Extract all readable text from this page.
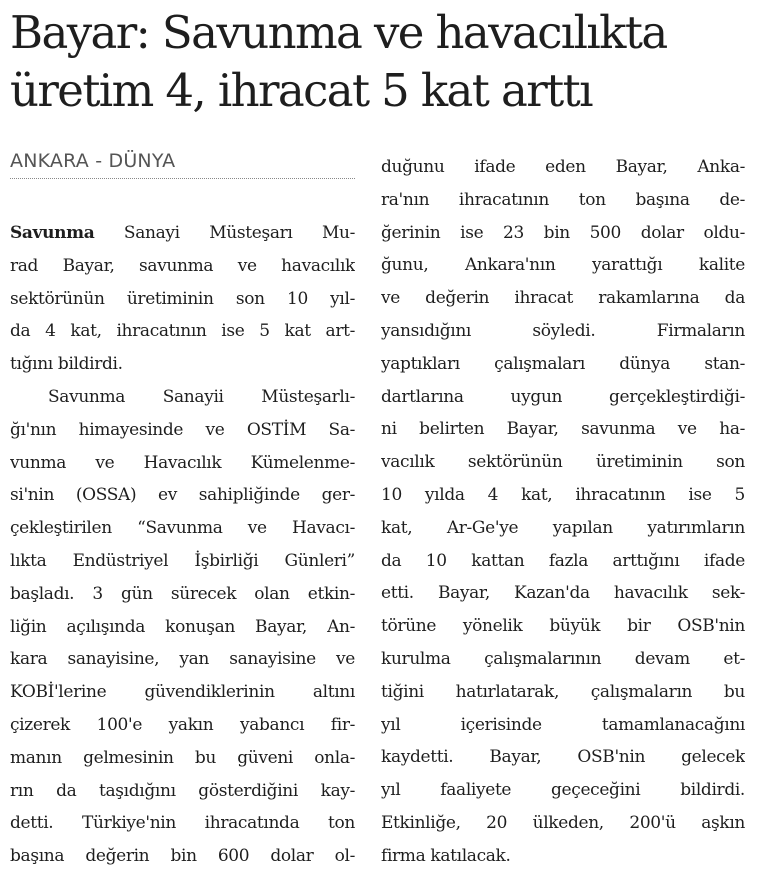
Bayar: Savunma ve havacılıkta
üretim 4, ihracat 5 kat arttı
ANKARA - DÜNYA
Savunma Sanayi Müsteşarı Mu-
rad Bayar, savunma ve havacılık
sektörünün üretiminin son 10 yıl-
da 4 kat, ihracatının ise 5 kat art-
tığını bildirdi.
Savunma Sanayii Müsteşarlı-
ğı'nın himayesinde ve OSTİM Sa-
vunma ve Havacılık Kümelenme-
si'nin (OSSA) ev sahipliğinde ger-
çekleştirilen “Savunma ve Havacı-
lıkta Endüstriyel İşbirliği Günleri”
başladı. 3 gün sürecek olan etkin-
liğin açılışında konuşan Bayar, An-
kara sanayisine, yan sanayisine ve
KOBİ'lerine güvendiklerinin altını
çizerek 100'e yakın yabancı fir-
manın gelmesinin bu güveni onla-
rın da taşıdığını gösterdiğini kay-
detti. Türkiye'nin ihracatında ton
başına değerin bin 600 dolar ol-
duğunu ifade eden Bayar, Anka-
ra'nın ihracatının ton başına de-
ğerinin ise 23 bin 500 dolar oldu-
ğunu, Ankara'nın yarattığı kalite
ve değerin ihracat rakamlarına da
yansıdığını söyledi. Firmaların
yaptıkları çalışmaları dünya stan-
dartlarına uygun gerçekleştirdiği-
ni belirten Bayar, savunma ve ha-
vacılık sektörünün üretiminin son
10 yılda 4 kat, ihracatının ise 5
kat, Ar-Ge'ye yapılan yatırımların
da 10 kattan fazla arttığını ifade
etti. Bayar, Kazan'da havacılık sek-
törüne yönelik büyük bir OSB'nin
kurulma çalışmalarının devam et-
tiğini hatırlatarak, çalışmaların bu
yıl içerisinde tamamlanacağını
kaydetti. Bayar, OSB'nin gelecek
yıl faaliyete geçeceğini bildirdi.
Etkinliğe, 20 ülkeden, 200'ü aşkın
firma katılacak.
